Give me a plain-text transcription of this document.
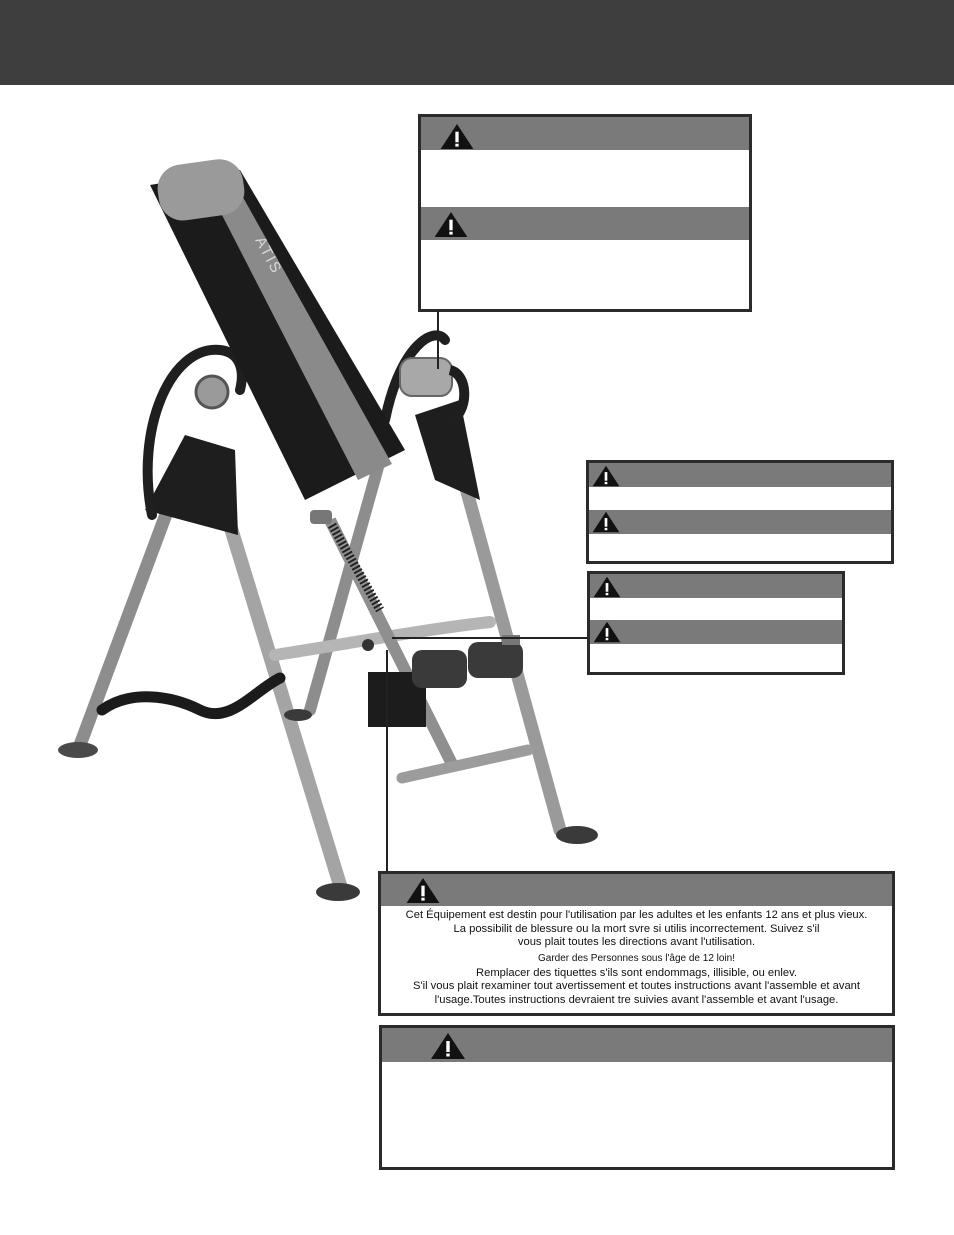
ATIS
Cet Équipement est destin pour l'utilisation par les adultes et les enfants 12 ans et plus vieux.
La possibilit de blessure ou la mort svre si utilis incorrectement. Suivez s'il
vous plait toutes les directions avant l'utilisation.
Garder des Personnes sous l'âge de 12 loin!
Remplacer des tiquettes s'ils sont endommags, illisible, ou enlev.
S'il vous plait rexaminer tout avertissement et toutes instructions avant l'assemble et avant
l'usage.Toutes instructions devraient tre suivies avant l'assemble et avant l'usage.
